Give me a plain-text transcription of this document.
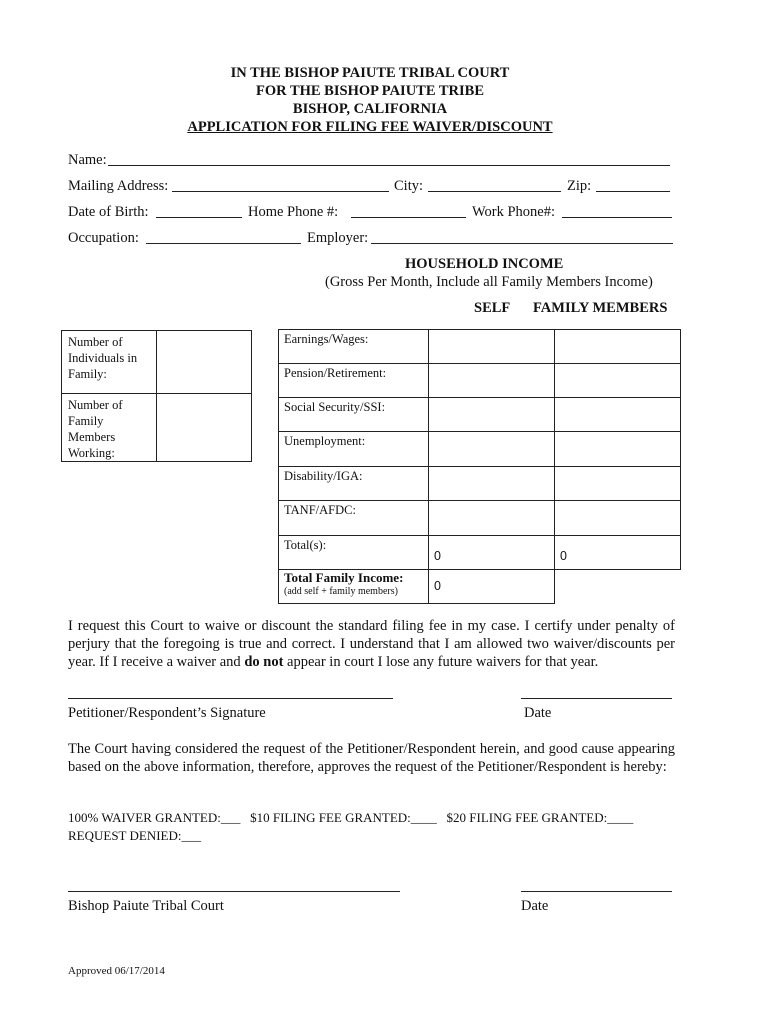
IN THE BISHOP PAIUTE TRIBAL COURT
FOR THE BISHOP PAIUTE TRIBE
BISHOP, CALIFORNIA
APPLICATION FOR FILING FEE WAIVER/DISCOUNT
Name:
Mailing Address:	City:	Zip:
Date of Birth:	Home Phone #:	Work Phone#:
Occupation:	Employer:
HOUSEHOLD INCOME
(Gross Per Month, Include all Family Members Income)
SELF FAMILY MEMBERS
Number of Individuals in Family:	
Number of Family Members Working:	
Earnings/Wages:		
Pension/Retirement:		
Social Security/SSI:		
Unemployment:		
Disability/IGA:		
TANF/AFDC:		
Total(s):	0	0

Total Family Income:
(add self + family members)	0	
I request this Court to waive or discount the standard filing fee in my case. I certify under penalty of perjury that the foregoing is true and correct. I understand that I am allowed two waiver/discounts per year. If I receive a waiver and do not appear in court I lose any future waivers for that year.
Petitioner/Respondent’s Signature	Date
The Court having considered the request of the Petitioner/Respondent herein, and good cause appearing based on the above information, therefore, approves the request of the Petitioner/Respondent is hereby:
100% WAIVER GRANTED:___ $10 FILING FEE GRANTED:____ $20 FILING FEE GRANTED:____
REQUEST DENIED:___
Bishop Paiute Tribal Court	Date
Approved 06/17/2014
